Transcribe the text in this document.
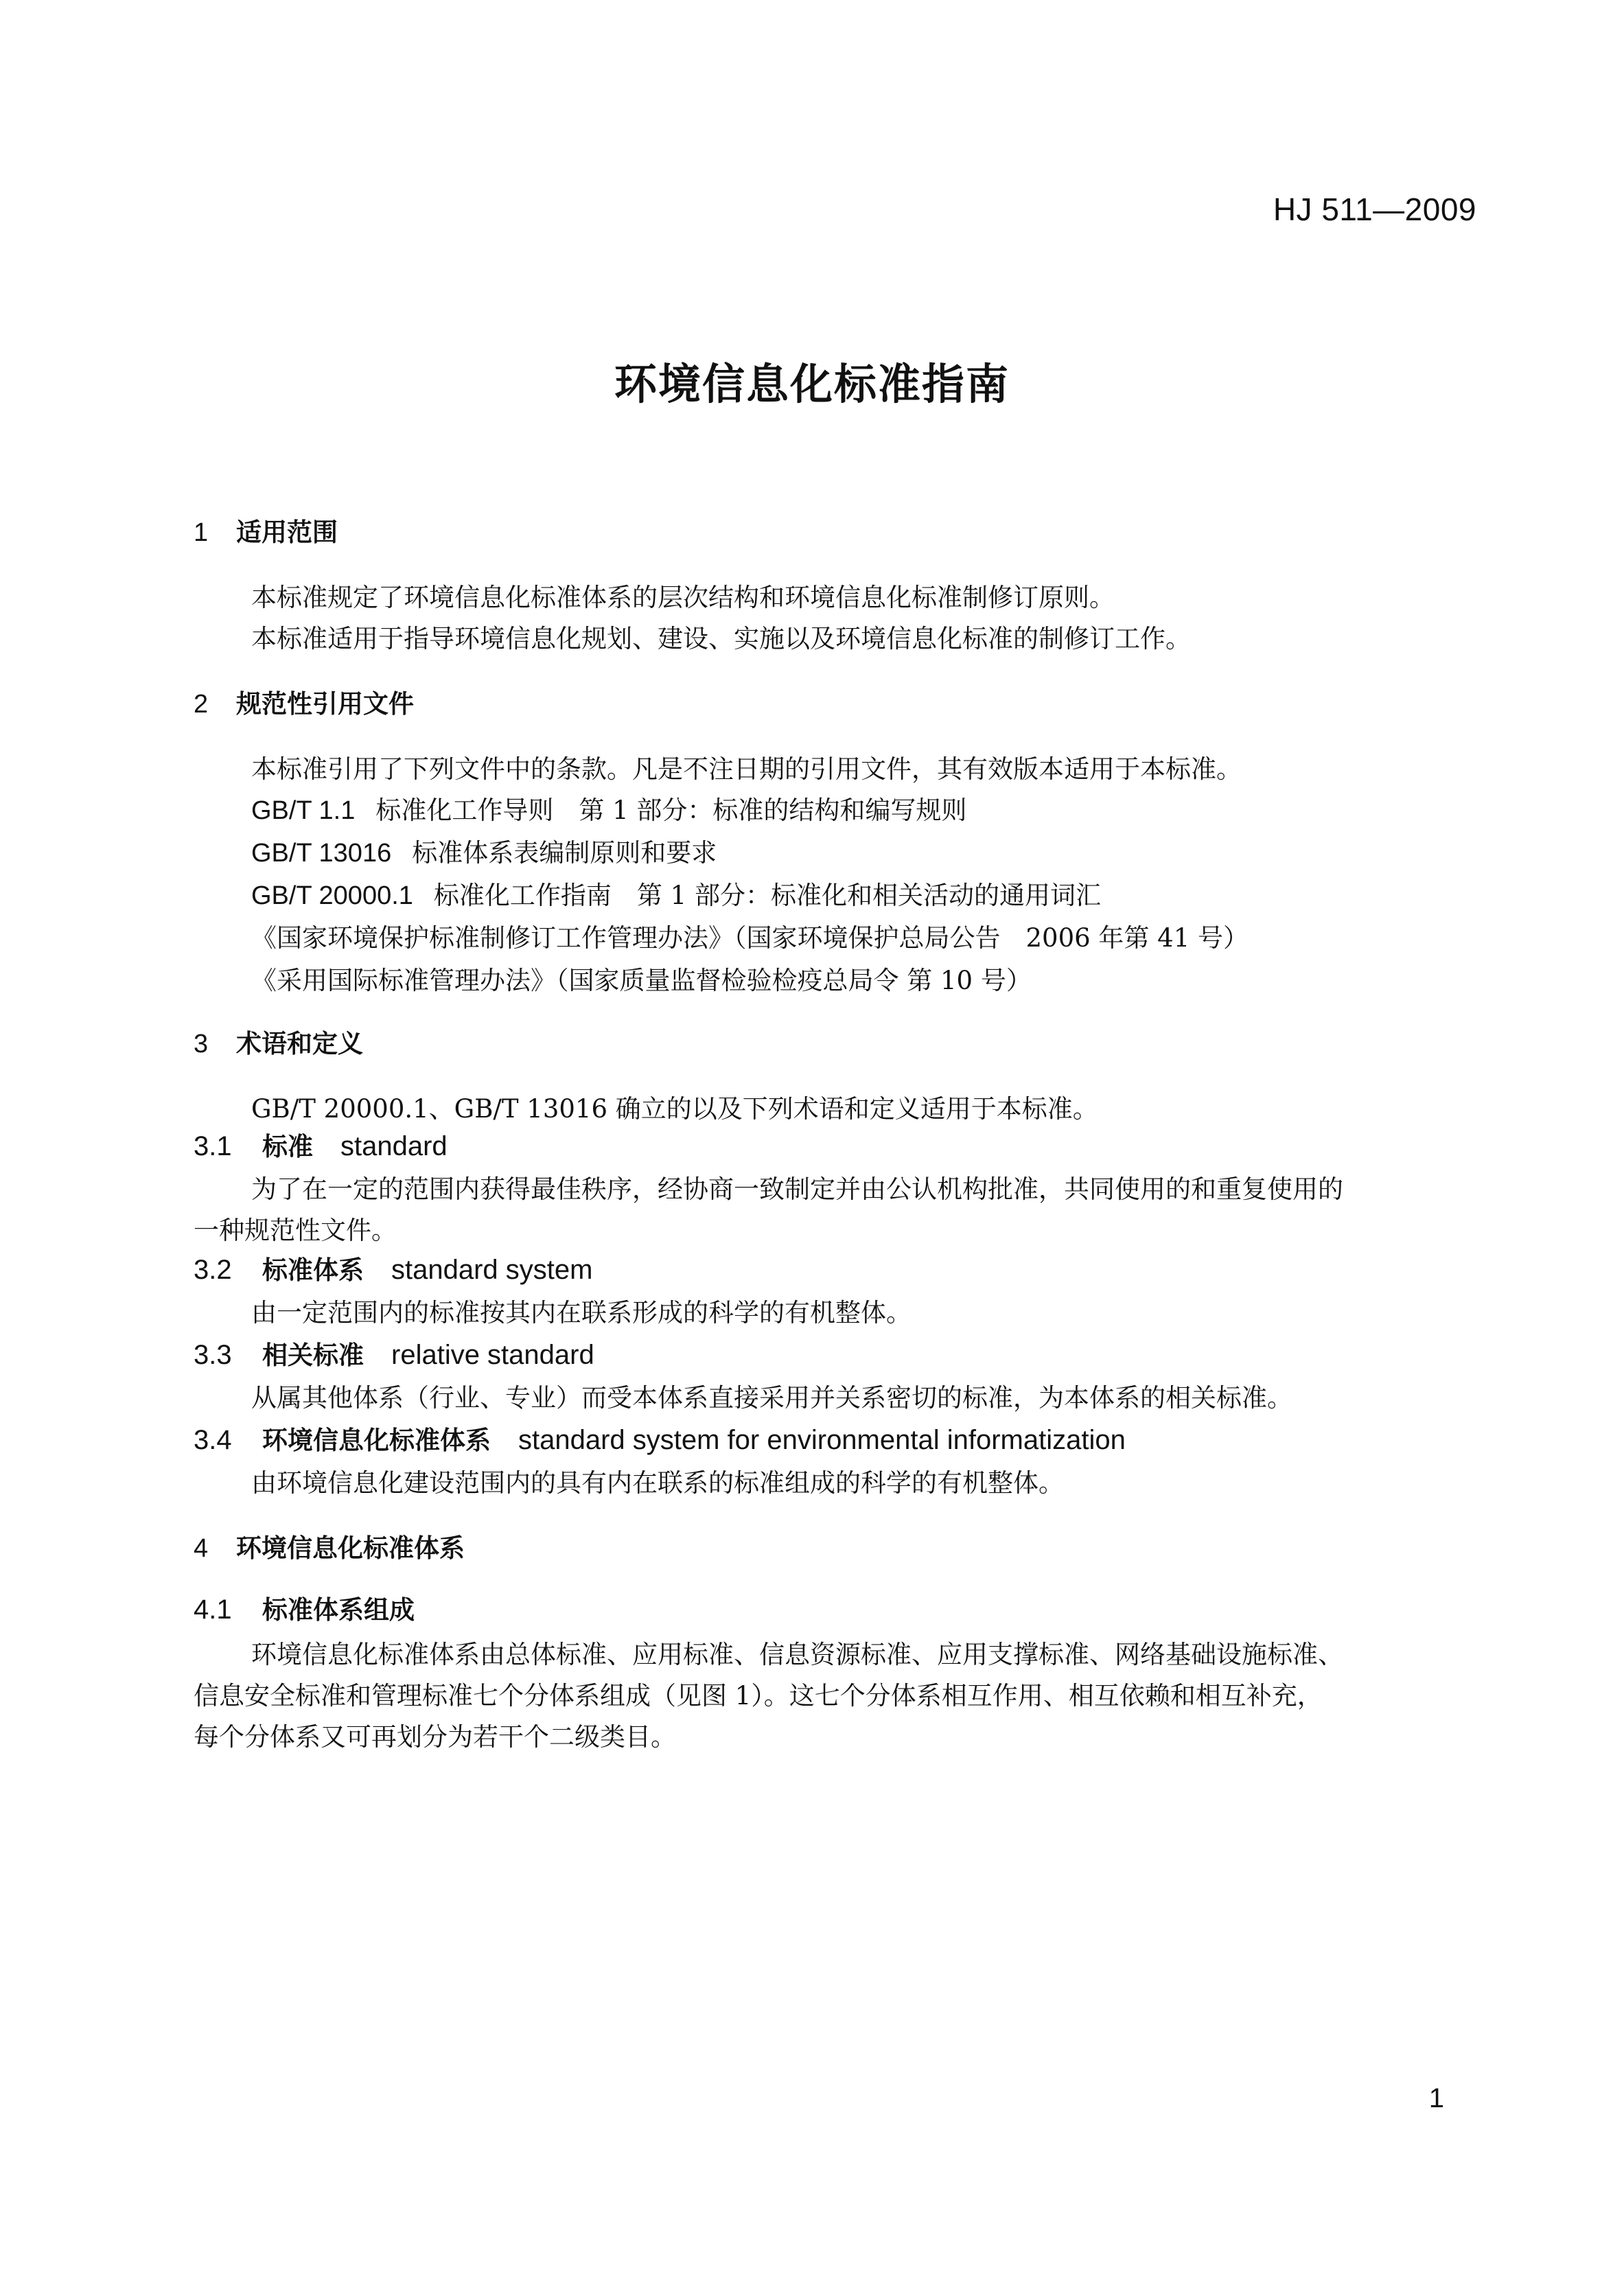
HJ 511—2009
环境信息化标准指南
1 适用范围
本标准规定了环境信息化标准体系的层次结构和环境信息化标准制修订原则。
本标准适用于指导环境信息化规划、建设、实施以及环境信息化标准的制修订工作。
2 规范性引用文件
本标准引用了下列文件中的条款。凡是不注日期的引用文件，其有效版本适用于本标准。
GB/T 1.1 标准化工作导则　第 1 部分：标准的结构和编写规则
GB/T 13016 标准体系表编制原则和要求
GB/T 20000.1 标准化工作指南　第 1 部分：标准化和相关活动的通用词汇
《国家环境保护标准制修订工作管理办法》（国家环境保护总局公告　2006 年第 41 号）
《采用国际标准管理办法》（国家质量监督检验检疫总局令 第 10 号）
3 术语和定义
GB/T 20000.1、GB/T 13016 确立的以及下列术语和定义适用于本标准。
3.1 标准 standard
为了在一定的范围内获得最佳秩序，经协商一致制定并由公认机构批准，共同使用的和重复使用的
一种规范性文件。
3.2 标准体系 standard system
由一定范围内的标准按其内在联系形成的科学的有机整体。
3.3 相关标准 relative standard
从属其他体系（行业、专业）而受本体系直接采用并关系密切的标准，为本体系的相关标准。
3.4 环境信息化标准体系 standard system for environmental informatization
由环境信息化建设范围内的具有内在联系的标准组成的科学的有机整体。
4 环境信息化标准体系
4.1 标准体系组成
环境信息化标准体系由总体标准、应用标准、信息资源标准、应用支撑标准、网络基础设施标准、
信息安全标准和管理标准七个分体系组成（见图 1）。这七个分体系相互作用、相互依赖和相互补充，
每个分体系又可再划分为若干个二级类目。
1
